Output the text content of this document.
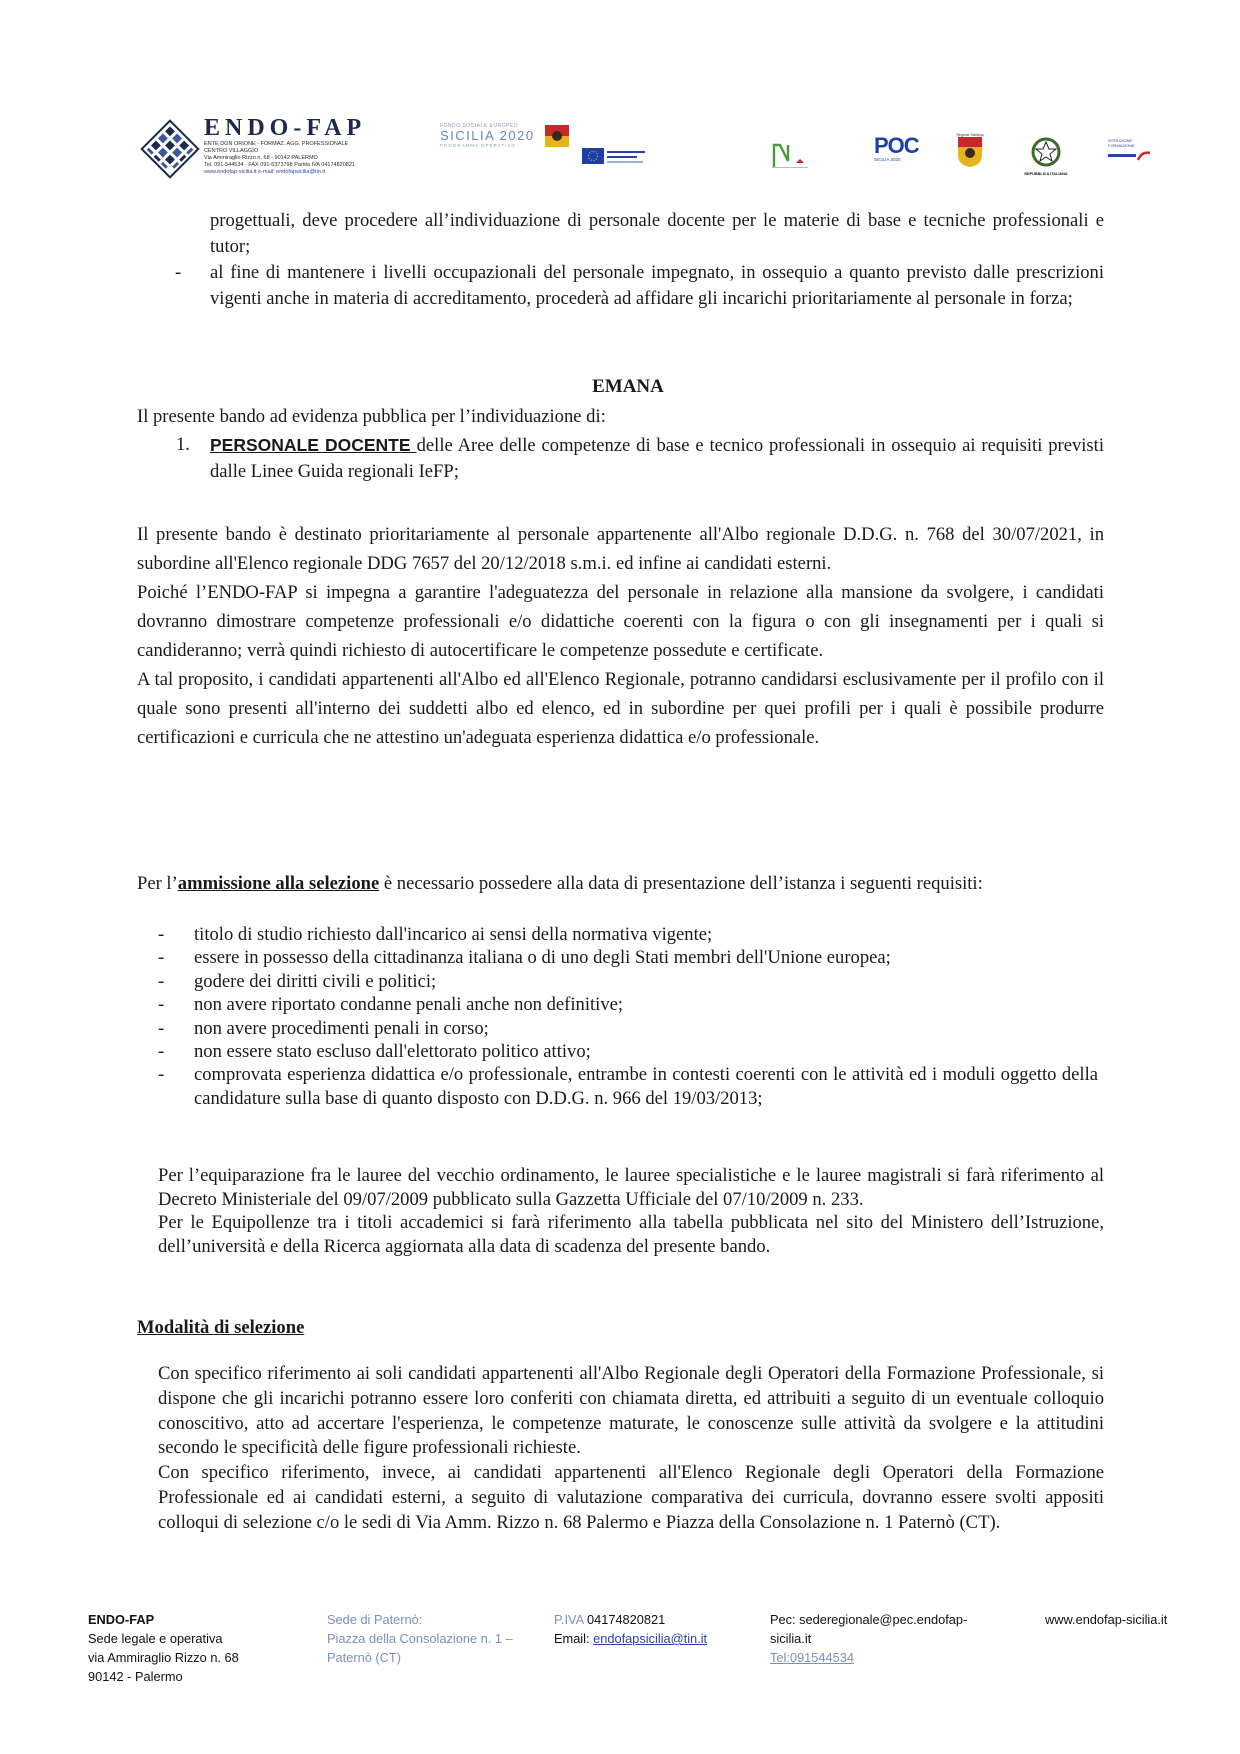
ENDO-FAP
ENTE DON ORIONE - FORMAZ. AGG. PROFESSIONALE
CENTRO VILLAGGIO
Via Ammiraglio Rizzo n. 68 - 90142 PALERMO
Tel. 091-544534 - FAX 091-6373798 Partita IVA 04174820821
www.endofap-sicilia.it e-mail: endofapsicilia@tin.it
FONDO SOCIALE EUROPEO
SICILIA 2020
PROGRAMMA OPERATIVO	POC
SICILIA 2020
Regione Siciliana
REPUBBLICA ITALIANA
ISTRUZIONE FORMAZIONE

progettuali, deve procedere all’individuazione di personale docente per le materie di base e tecniche professionali e tutor;

- al fine di mantenere i livelli occupazionali del personale impegnato, in ossequio a quanto previsto dalle prescrizioni vigenti anche in materia di accreditamento, procederà ad affidare gli incarichi prioritariamente al personale in forza;
EMANA

Il presente bando ad evidenza pubblica per l’individuazione di:

1. PERSONALE DOCENTE delle Aree delle competenze di base e tecnico professionali in ossequio ai requisiti previsti dalle Linee Guida regionali IeFP;

Il presente bando è destinato prioritariamente al personale appartenente all'Albo regionale D.D.G. n. 768 del 30/07/2021, in subordine all'Elenco regionale DDG 7657 del 20/12/2018 s.m.i. ed infine ai candidati esterni.

Poiché l’ENDO-FAP si impegna a garantire l'adeguatezza del personale in relazione alla mansione da svolgere, i candidati dovranno dimostrare competenze professionali e/o didattiche coerenti con la figura o con gli insegnamenti per i quali si candideranno; verrà quindi richiesto di autocertificare le competenze possedute e certificate.

A tal proposito, i candidati appartenenti all'Albo ed all'Elenco Regionale, potranno candidarsi esclusivamente per il profilo con il quale sono presenti all'interno dei suddetti albo ed elenco, ed in subordine per quei profili per i quali è possibile produrre certificazioni e curricula che ne attestino un'adeguata esperienza didattica e/o professionale.

Per l’ammissione alla selezione è necessario possedere alla data di presentazione dell’istanza i seguenti requisiti:

- titolo di studio richiesto dall'incarico ai sensi della normativa vigente;
- essere in possesso della cittadinanza italiana o di uno degli Stati membri dell'Unione europea;
- godere dei diritti civili e politici;
- non avere riportato condanne penali anche non definitive;
- non avere procedimenti penali in corso;
- non essere stato escluso dall'elettorato politico attivo;
- comprovata esperienza didattica e/o professionale, entrambe in contesti coerenti con le attività ed i moduli oggetto della candidature sulla base di quanto disposto con D.D.G. n. 966 del 19/03/2013;

Per l’equiparazione fra le lauree del vecchio ordinamento, le lauree specialistiche e le lauree magistrali si farà riferimento al Decreto Ministeriale del 09/07/2009 pubblicato sulla Gazzetta Ufficiale del 07/10/2009 n. 233.

Per le Equipollenze tra i titoli accademici si farà riferimento alla tabella pubblicata nel sito del Ministero dell’Istruzione, dell’università e della Ricerca aggiornata alla data di scadenza del presente bando.

Modalità di selezione

Con specifico riferimento ai soli candidati appartenenti all'Albo Regionale degli Operatori della Formazione Professionale, si dispone che gli incarichi potranno essere loro conferiti con chiamata diretta, ed attribuiti a seguito di un eventuale colloquio conoscitivo, atto ad accertare l'esperienza, le competenze maturate, le conoscenze sulle attività da svolgere e la attitudini secondo le specificità delle figure professionali richieste.

Con specifico riferimento, invece, ai candidati appartenenti all'Elenco Regionale degli Operatori della Formazione Professionale ed ai candidati esterni, a seguito di valutazione comparativa dei curricula, dovranno essere svolti appositi colloqui di selezione c/o le sedi di Via Amm. Rizzo n. 68 Palermo e Piazza della Consolazione n. 1 Paternò (CT).

ENDO-FAP
Sede legale e operativa
via Ammiraglio Rizzo n. 68
90142 - Palermo
Sede di Paternò:
Piazza della Consolazione n. 1 –
Paternò (CT)
P.IVA 04174820821
Email: endofapsicilia@tin.it
Pec: sederegionale@pec.endofap-
sicilia.it
Tel:091544534
www.endofap-sicilia.it
